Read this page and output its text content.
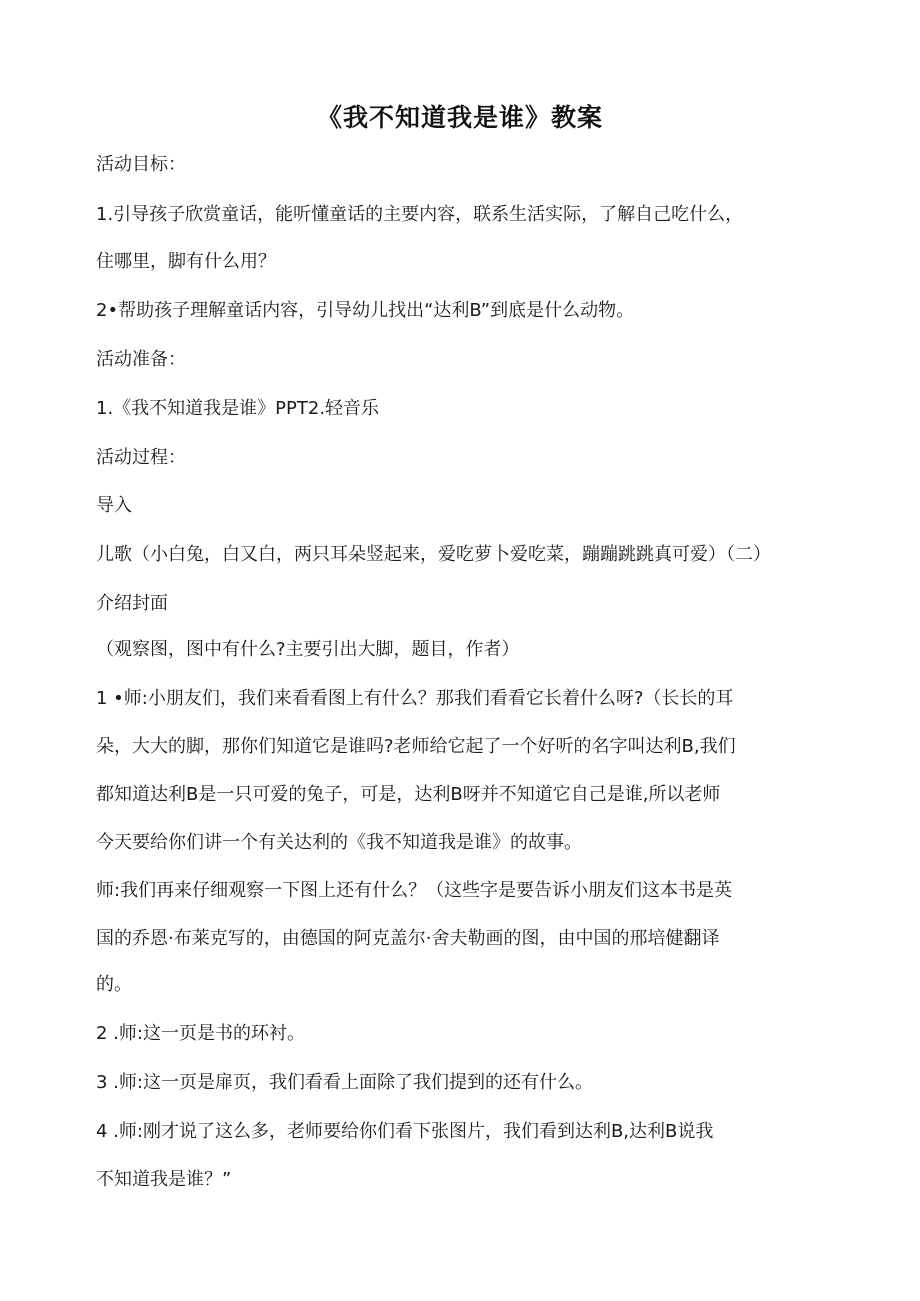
《我不知道我是谁》教案
活动目标：
1.引导孩子欣赏童话，能听懂童话的主要内容，联系生活实际，了解自己吃什么，
住哪里，脚有什么用？
2•帮助孩子理解童话内容，引导幼儿找出“达利B”到底是什么动物。
活动准备：
1.《我不知道我是谁》PPT2.轻音乐
活动过程：
导入
儿歌（小白兔，白又白，两只耳朵竖起来，爱吃萝卜爱吃菜，蹦蹦跳跳真可爱）（二）
介绍封面
（观察图，图中有什么?主要引出大脚，题目，作者）
1 •师:小朋友们，我们来看看图上有什么？那我们看看它长着什么呀?（长长的耳
朵，大大的脚，那你们知道它是谁吗?老师给它起了一个好听的名字叫达利B,我们
都知道达利B是一只可爱的兔子，可是，达利B呀并不知道它自己是谁,所以老师
今天要给你们讲一个有关达利的《我不知道我是谁》的故事。
师:我们再来仔细观察一下图上还有什么？（这些字是要告诉小朋友们这本书是英
国的乔恩·布莱克写的，由德国的阿克盖尔·舍夫勒画的图，由中国的邢培健翻译
的。
2 .师:这一页是书的环衬。
3 .师:这一页是扉页，我们看看上面除了我们提到的还有什么。
4 .师:刚才说了这么多，老师要给你们看下张图片，我们看到达利B,达利B说我
不知道我是谁？”
